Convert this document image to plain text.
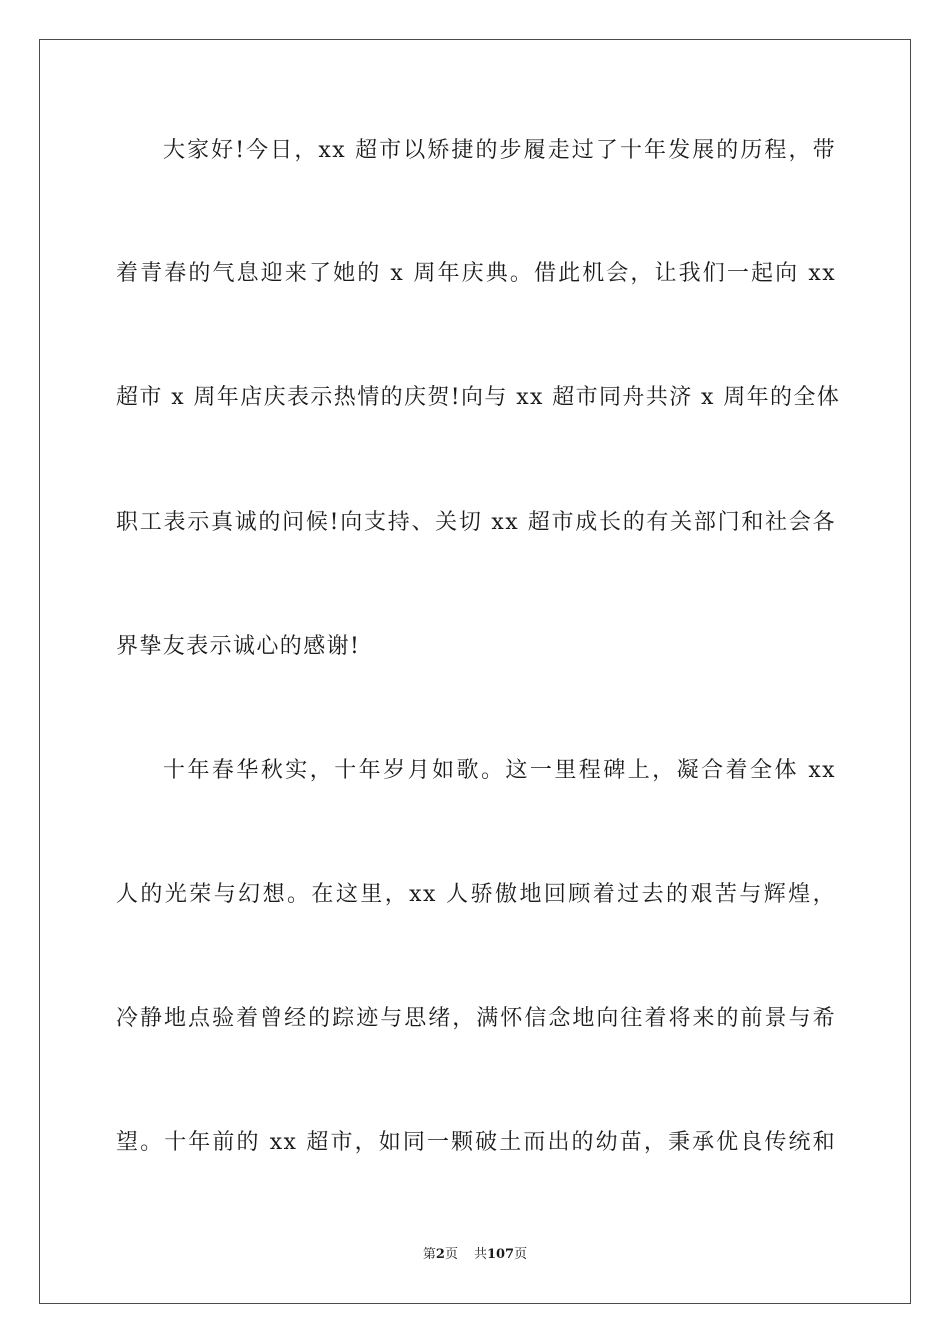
大家好!今日，xx 超市以矫捷的步履走过了十年发展的历程，带
着青春的气息迎来了她的 x 周年庆典。借此机会，让我们一起向 xx
超市 x 周年店庆表示热情的庆贺!向与 xx 超市同舟共济 x 周年的全体
职工表示真诚的问候!向支持、关切 xx 超市成长的有关部门和社会各
界挚友表示诚心的感谢!
十年春华秋实，十年岁月如歌。这一里程碑上，凝合着全体 xx
人的光荣与幻想。在这里，xx 人骄傲地回顾着过去的艰苦与辉煌，
冷静地点验着曾经的踪迹与思绪，满怀信念地向往着将来的前景与希
望。十年前的 xx 超市，如同一颗破土而出的幼苗，秉承优良传统和
第2页 共107页
